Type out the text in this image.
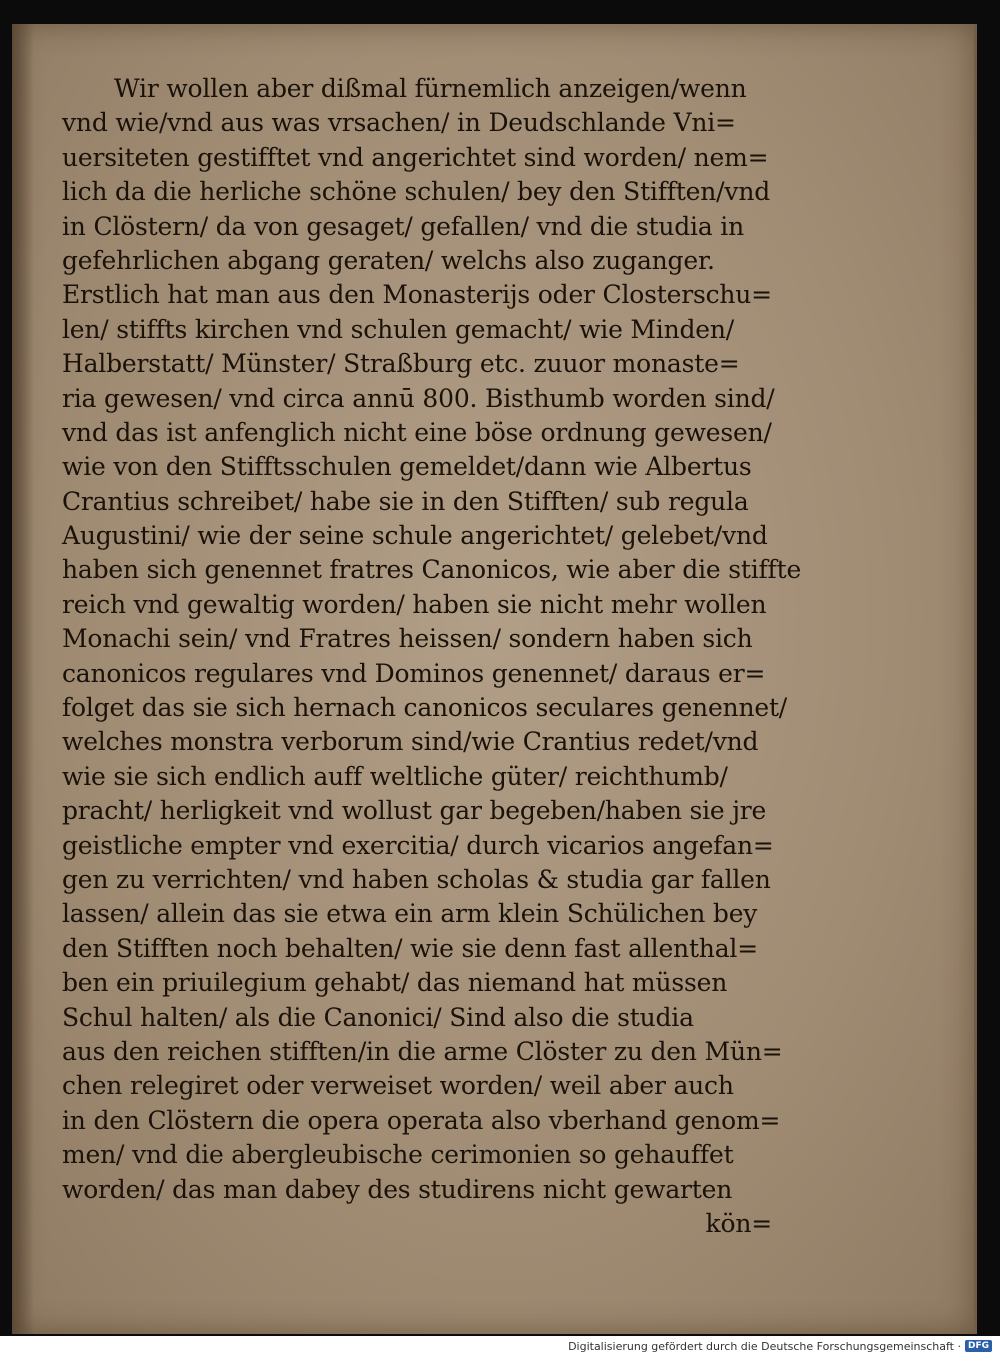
Wir wollen aber dißmal fürnemlich anzeigen/wenn
vnd wie/vnd aus was vrsachen/ in Deudschlande Vni=
uersiteten gestifftet vnd angerichtet sind worden/ nem=
lich da die herliche schöne schulen/ bey den Stifften/vnd
in Clöstern/ da von gesaget/ gefallen/ vnd die studia in
gefehrlichen abgang geraten/ welchs also zuganger.
Erstlich hat man aus den Monasterijs oder Closterschu=
len/ stiffts kirchen vnd schulen gemacht/ wie Minden/
Halberstatt/ Münster/ Straßburg etc. zuuor monaste=
ria gewesen/ vnd circa annū 800. Bisthumb worden sind/
vnd das ist anfenglich nicht eine böse ordnung gewesen/
wie von den Stifftsschulen gemeldet/dann wie Albertus
Crantius schreibet/ habe sie in den Stifften/ sub regula
Augustini/ wie der seine schule angerichtet/ gelebet/vnd
haben sich genennet fratres Canonicos, wie aber die stiffte
reich vnd gewaltig worden/ haben sie nicht mehr wollen
Monachi sein/ vnd Fratres heissen/ sondern haben sich
canonicos regulares vnd Dominos genennet/ daraus er=
folget das sie sich hernach canonicos seculares genennet/
welches monstra verborum sind/wie Crantius redet/vnd
wie sie sich endlich auff weltliche güter/ reichthumb/
pracht/ herligkeit vnd wollust gar begeben/haben sie jre
geistliche empter vnd exercitia/ durch vicarios angefan=
gen zu verrichten/ vnd haben scholas & studia gar fallen
lassen/ allein das sie etwa ein arm klein Schülichen bey
den Stifften noch behalten/ wie sie denn fast allenthal=
ben ein priuilegium gehabt/ das niemand hat müssen
Schul halten/ als die Canonici/ Sind also die studia
aus den reichen stifften/in die arme Clöster zu den Mün=
chen relegiret oder verweiset worden/ weil aber auch
in den Clöstern die opera operata also vberhand genom=
men/ vnd die abergleubische cerimonien so gehauffet
worden/ das man dabey des studirens nicht gewarten
kön=
Digitalisierung gefördert durch die Deutsche Forschungsgemeinschaft · DFG
